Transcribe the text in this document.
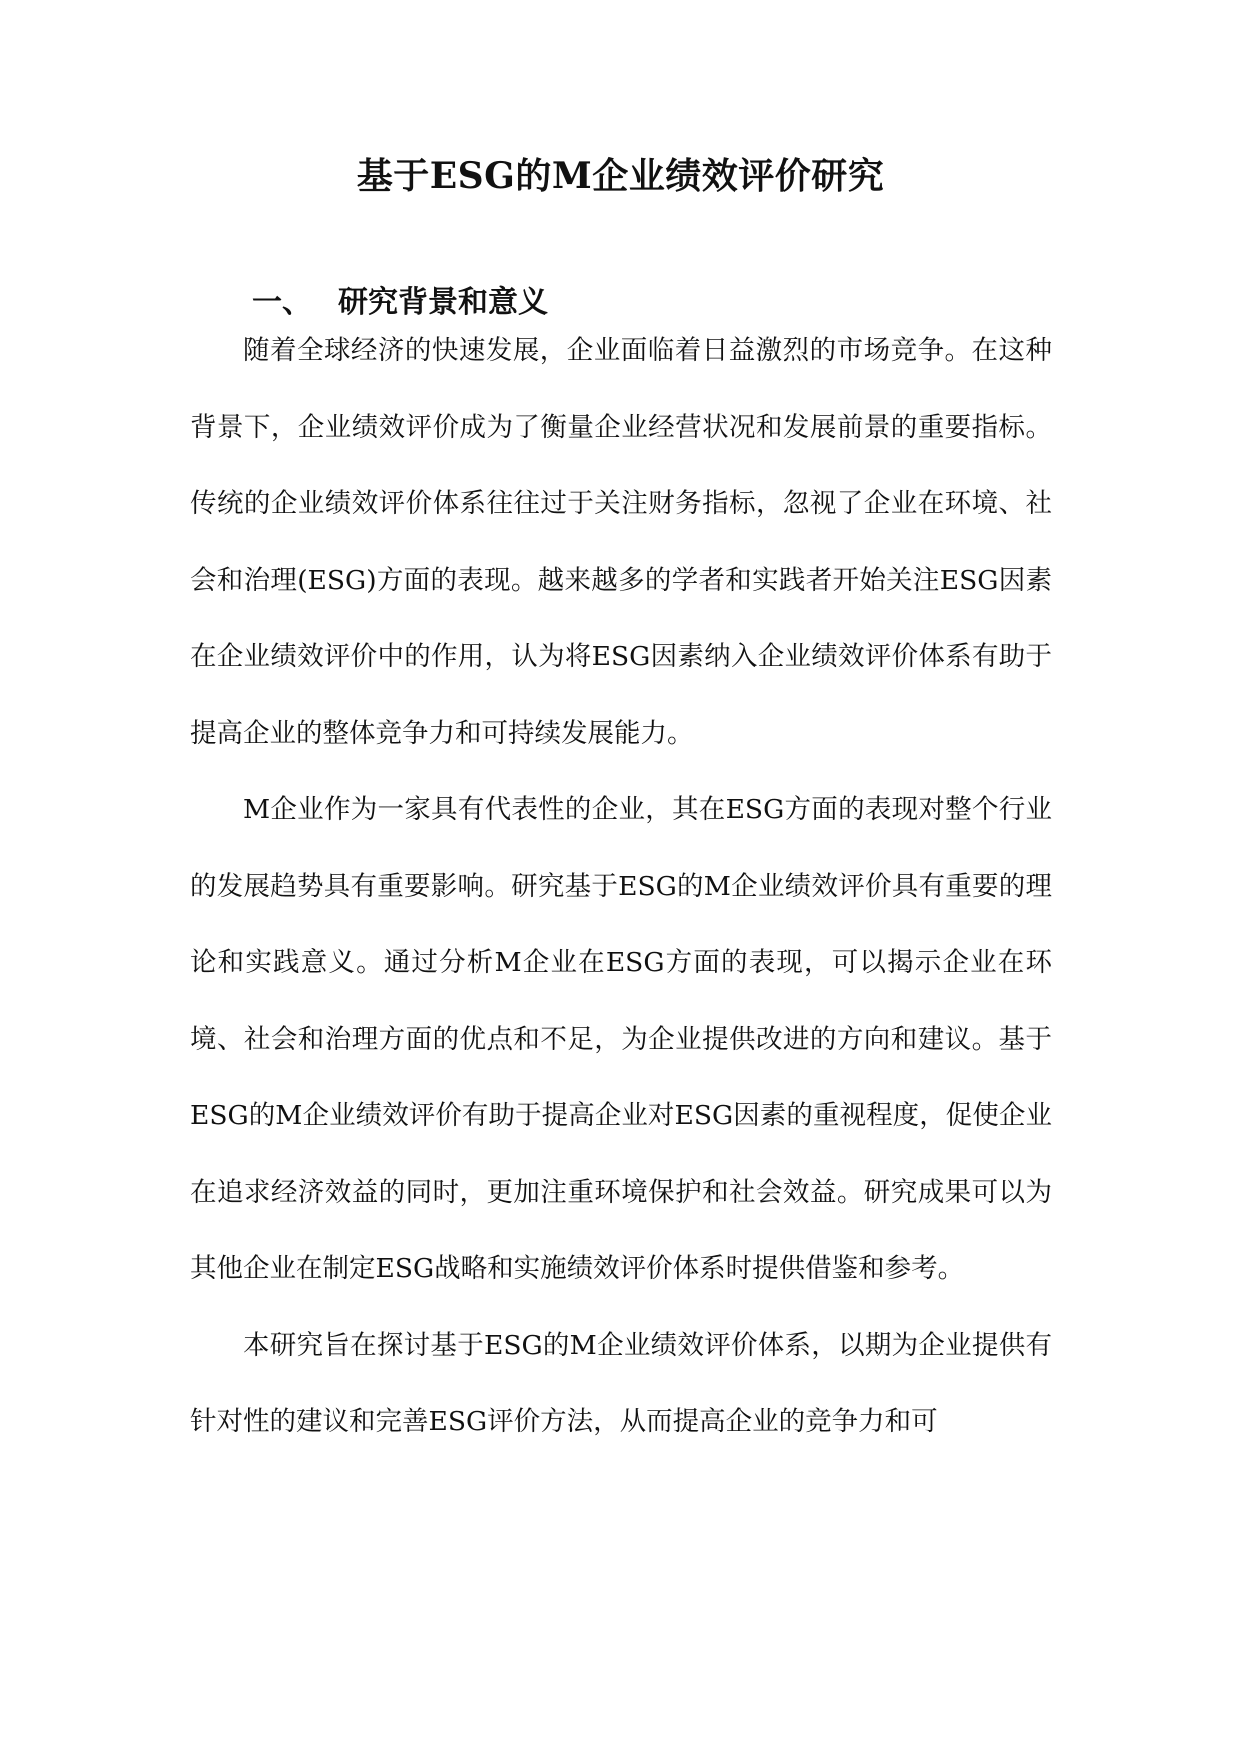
基于ESG的M企业绩效评价研究
一、 研究背景和意义

随着全球经济的快速发展，企业面临着日益激烈的市场竞争。在这种背景下，企业绩效评价成为了衡量企业经营状况和发展前景的重要指标。传统的企业绩效评价体系往往过于关注财务指标，忽视了企业在环境、社会和治理(ESG)方面的表现。越来越多的学者和实践者开始关注ESG因素在企业绩效评价中的作用，认为将ESG因素纳入企业绩效评价体系有助于提高企业的整体竞争力和可持续发展能力。

M企业作为一家具有代表性的企业，其在ESG方面的表现对整个行业的发展趋势具有重要影响。研究基于ESG的M企业绩效评价具有重要的理论和实践意义。通过分析M企业在ESG方面的表现，可以揭示企业在环境、社会和治理方面的优点和不足，为企业提供改进的方向和建议。基于ESG的M企业绩效评价有助于提高企业对ESG因素的重视程度，促使企业在追求经济效益的同时，更加注重环境保护和社会效益。研究成果可以为其他企业在制定ESG战略和实施绩效评价体系时提供借鉴和参考。

本研究旨在探讨基于ESG的M企业绩效评价体系，以期为企业提供有针对性的建议和完善ESG评价方法，从而提高企业的竞争力和可
